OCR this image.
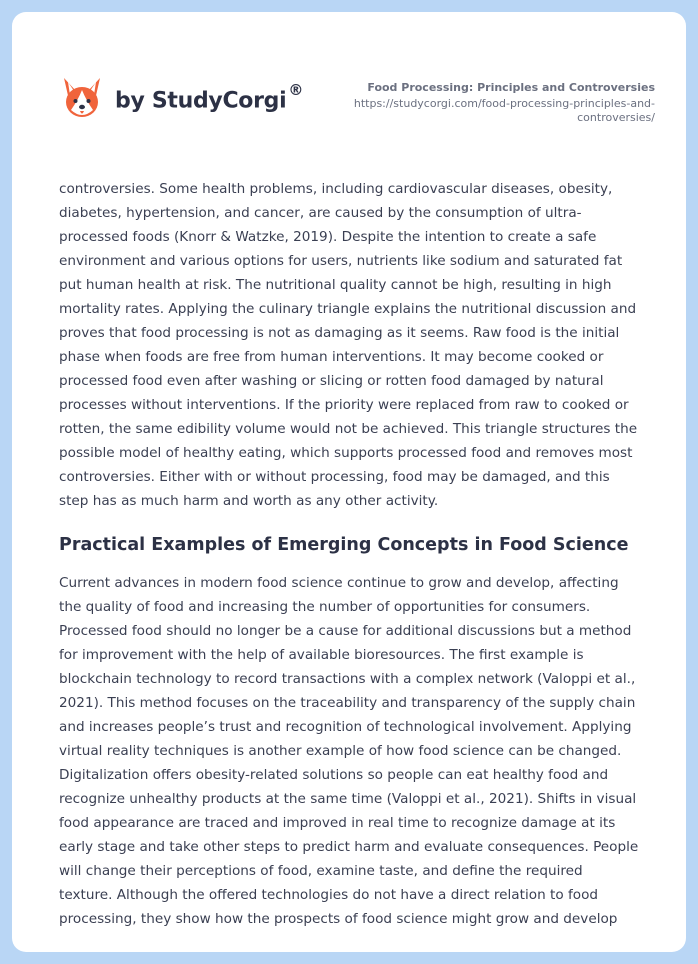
by StudyCorgi ®	Food Processing: Principles and Controversies
https://studycorgi.com/food-processing-principles-and-
controversies/

controversies. Some health problems, including cardiovascular diseases, obesity,
diabetes, hypertension, and cancer, are caused by the consumption of ultra-
processed foods (Knorr & Watzke, 2019). Despite the intention to create a safe
environment and various options for users, nutrients like sodium and saturated fat
put human health at risk. The nutritional quality cannot be high, resulting in high
mortality rates. Applying the culinary triangle explains the nutritional discussion and
proves that food processing is not as damaging as it seems. Raw food is the initial
phase when foods are free from human interventions. It may become cooked or
processed food even after washing or slicing or rotten food damaged by natural
processes without interventions. If the priority were replaced from raw to cooked or
rotten, the same edibility volume would not be achieved. This triangle structures the
possible model of healthy eating, which supports processed food and removes most
controversies. Either with or without processing, food may be damaged, and this
step has as much harm and worth as any other activity.

Practical Examples of Emerging Concepts in Food Science

Current advances in modern food science continue to grow and develop, affecting
the quality of food and increasing the number of opportunities for consumers.
Processed food should no longer be a cause for additional discussions but a method
for improvement with the help of available bioresources. The first example is
blockchain technology to record transactions with a complex network (Valoppi et al.,
2021). This method focuses on the traceability and transparency of the supply chain
and increases people’s trust and recognition of technological involvement. Applying
virtual reality techniques is another example of how food science can be changed.
Digitalization offers obesity-related solutions so people can eat healthy food and
recognize unhealthy products at the same time (Valoppi et al., 2021). Shifts in visual
food appearance are traced and improved in real time to recognize damage at its
early stage and take other steps to predict harm and evaluate consequences. People
will change their perceptions of food, examine taste, and define the required
texture. Although the offered technologies do not have a direct relation to food
processing, they show how the prospects of food science might grow and develop
